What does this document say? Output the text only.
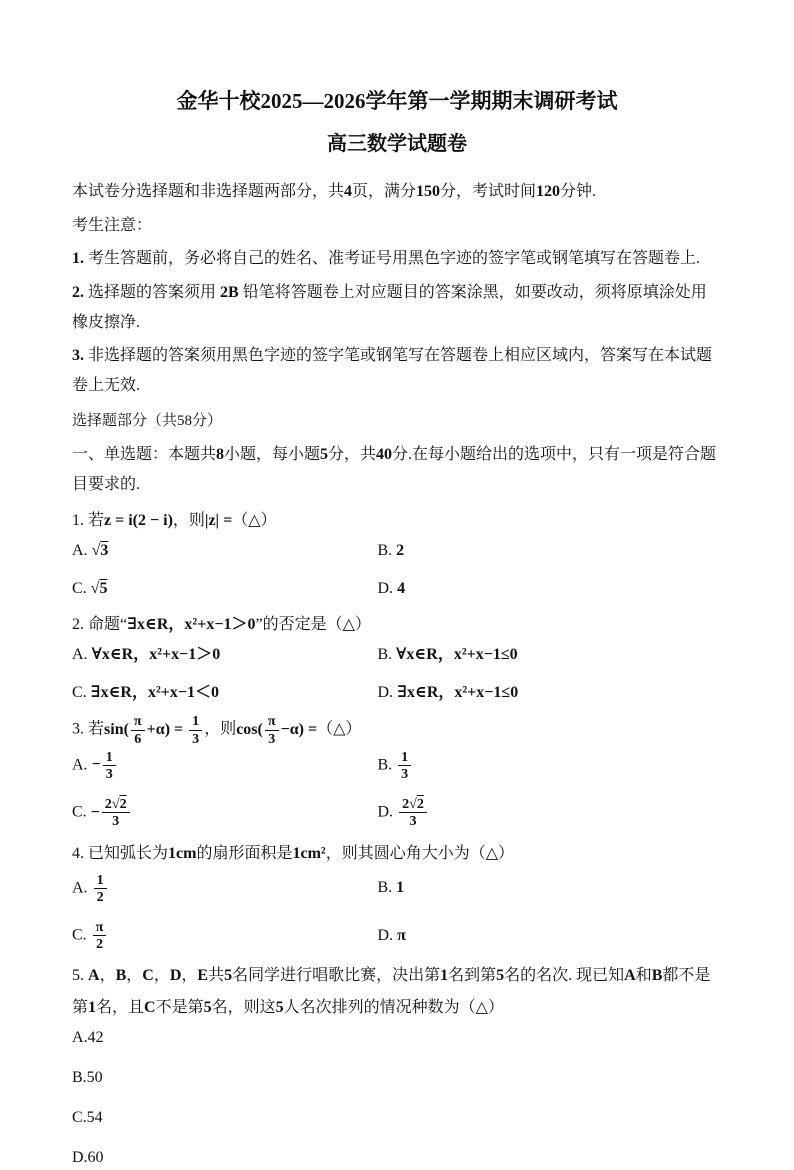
金华十校2025—2026学年第一学期期末调研考试
高三数学试题卷

本试卷分选择题和非选择题两部分，共4页，满分150分，考试时间120分钟.

考生注意：

1. 考生答题前，务必将自己的姓名、准考证号用黑色字迹的签字笔或钢笔填写在答题卷上.

2. 选择题的答案须用 2B 铅笔将答题卷上对应题目的答案涂黑，如要改动，须将原填涂处用橡皮擦净.

3. 非选择题的答案须用黑色字迹的签字笔或钢笔写在答题卷上相应区域内，答案写在本试题卷上无效.

选择题部分（共58分）

一、单选题：本题共8小题，每小题5分，共40分.在每小题给出的选项中，只有一项是符合题目要求的.

1. 若z = i(2 − i)，则|z| =（△）

A. √3	B. 2
C. √5	D. 4

2. 命题“∃x∈R，x²+x−1＞0”的否定是（△）

A. ∀x∈R，x²+x−1＞0	B. ∀x∈R，x²+x−1≤0
C. ∃x∈R，x²+x−1＜0	D. ∃x∈R，x²+x−1≤0

3. 若$\sin( \frac{\pi}{6} +\alpha) = \frac{1}{3}$ ，则$\cos( \frac{\pi}{3} -\alpha)$ =（△）

A. − $\frac{1}{3}$	B. $\frac{1}{3}$
C. − $\frac{2√2}{3}$	D. $\frac{2√2}{3}$

4. 已知弧长为1cm的扇形面积是1cm²，则其圆心角大小为（△）

A. $\frac{1}{2}$	B. 1
C. $\frac{\pi}{2}$	D. π

5. A，B，C，D，E共5名同学进行唱歌比赛，决出第1名到第5名的名次. 现已知A和B都不是第1名，且C不是第5名，则这5人名次排列的情况种数为（△）

A.42
B.50
C.54
D.60
